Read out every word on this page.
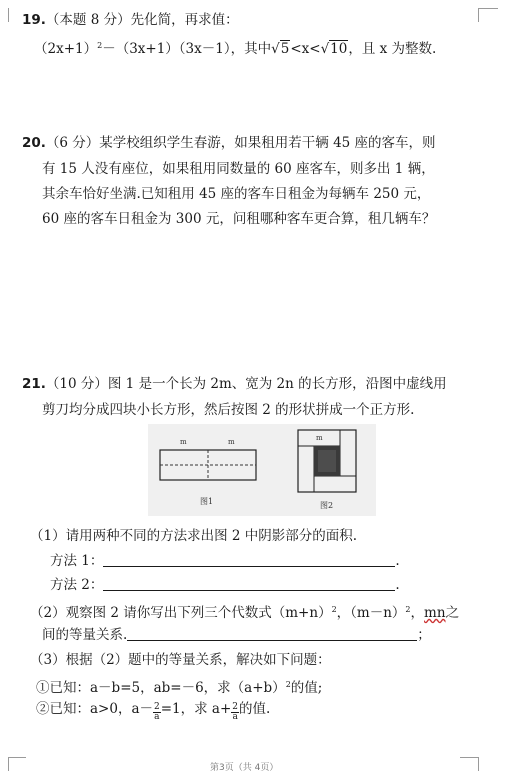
19.（本题 8 分）先化简，再求值：
$(2x+1)^2-(3x+1)(3x-1)$，其中√5<x<√10，且 x 为整数.
20.（6 分）某学校组织学生春游，如果租用若干辆 45 座的客车，则
有 15 人没有座位，如果租用同数量的 60 座客车，则多出 1 辆，
其余车恰好坐满.已知租用 45 座的客车日租金为每辆车 250 元，
60 座的客车日租金为 300 元，问租哪种客车更合算，租几辆车？
21.（10 分）图 1 是一个长为 2m、宽为 2n 的长方形，沿图中虚线用
剪刀均分成四块小长方形，然后按图 2 的形状拼成一个正方形.
m	m
图1
m
图2
（1）请用两种不同的方法求出图 2 中阴影部分的面积.
方法 1：	.
方法 2：	.
（2）观察图 2 请你写出下列三个代数式$(m+n)^2$，$(m-n)^2$，mn之
间的等量关系.	；
（3）根据（2）题中的等量关系，解决如下问题：
①已知：a－b=5，ab=－6，求$(a+b)^2$的值;
②已知：a>0，$a- \frac{2}{a} =1$，求 $a+ \frac{2}{a}$ 的值.
第3页（共 4页）
